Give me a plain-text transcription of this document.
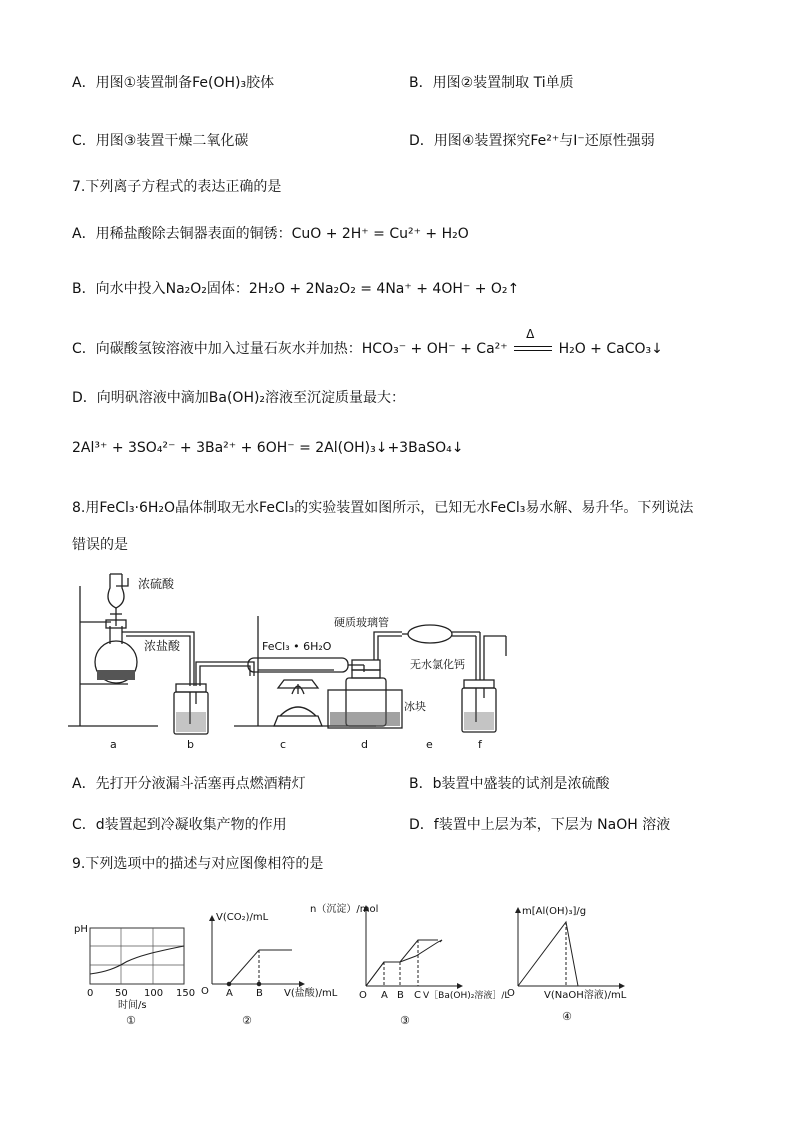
A．用图①装置制备Fe(OH)₃胶体	B．用图②装置制取 Ti单质
C．用图③装置干燥二氧化碳	D．用图④装置探究Fe²⁺与I⁻还原性强弱
7.下列离子方程式的表达正确的是
A．用稀盐酸除去铜器表面的铜锈：CuO + 2H⁺ = Cu²⁺ + H₂O
B．向水中投入Na₂O₂固体：2H₂O + 2Na₂O₂ = 4Na⁺ + 4OH⁻ + O₂↑
C．向碳酸氢铵溶液中加入过量石灰水并加热：HCO₃⁻ + OH⁻ + Ca²⁺
Δ
H₂O + CaCO₃↓
D．向明矾溶液中滴加Ba(OH)₂溶液至沉淀质量最大：
2Al³⁺ + 3SO₄²⁻ + 3Ba²⁺ + 6OH⁻ = 2Al(OH)₃↓+3BaSO₄↓
8.用FeCl₃·6H₂O晶体制取无水FeCl₃的实验装置如图所示，已知无水FeCl₃易水解、易升华。下列说法
错误的是
浓硫酸
浓盐酸
硬质玻璃管
FeCl₃ • 6H₂O
无水氯化钙
冰块
a	b	c	d	e	f
A．先打开分液漏斗活塞再点燃酒精灯	B．b装置中盛装的试剂是浓硫酸
C．d装置起到冷凝收集产物的作用	D．f装置中上层为苯，下层为 NaOH 溶液
9.下列选项中的描述与对应图像相符的是
pH
0 50 100 150
时间/s
①
V(CO₂)/mL
O A B V(盐酸)/mL
②
n（沉淀）/mol
O A B C V［Ba(OH)₂溶液］/L
③
m[Al(OH)₃]/g
O	V(NaOH溶液)/mL
④
